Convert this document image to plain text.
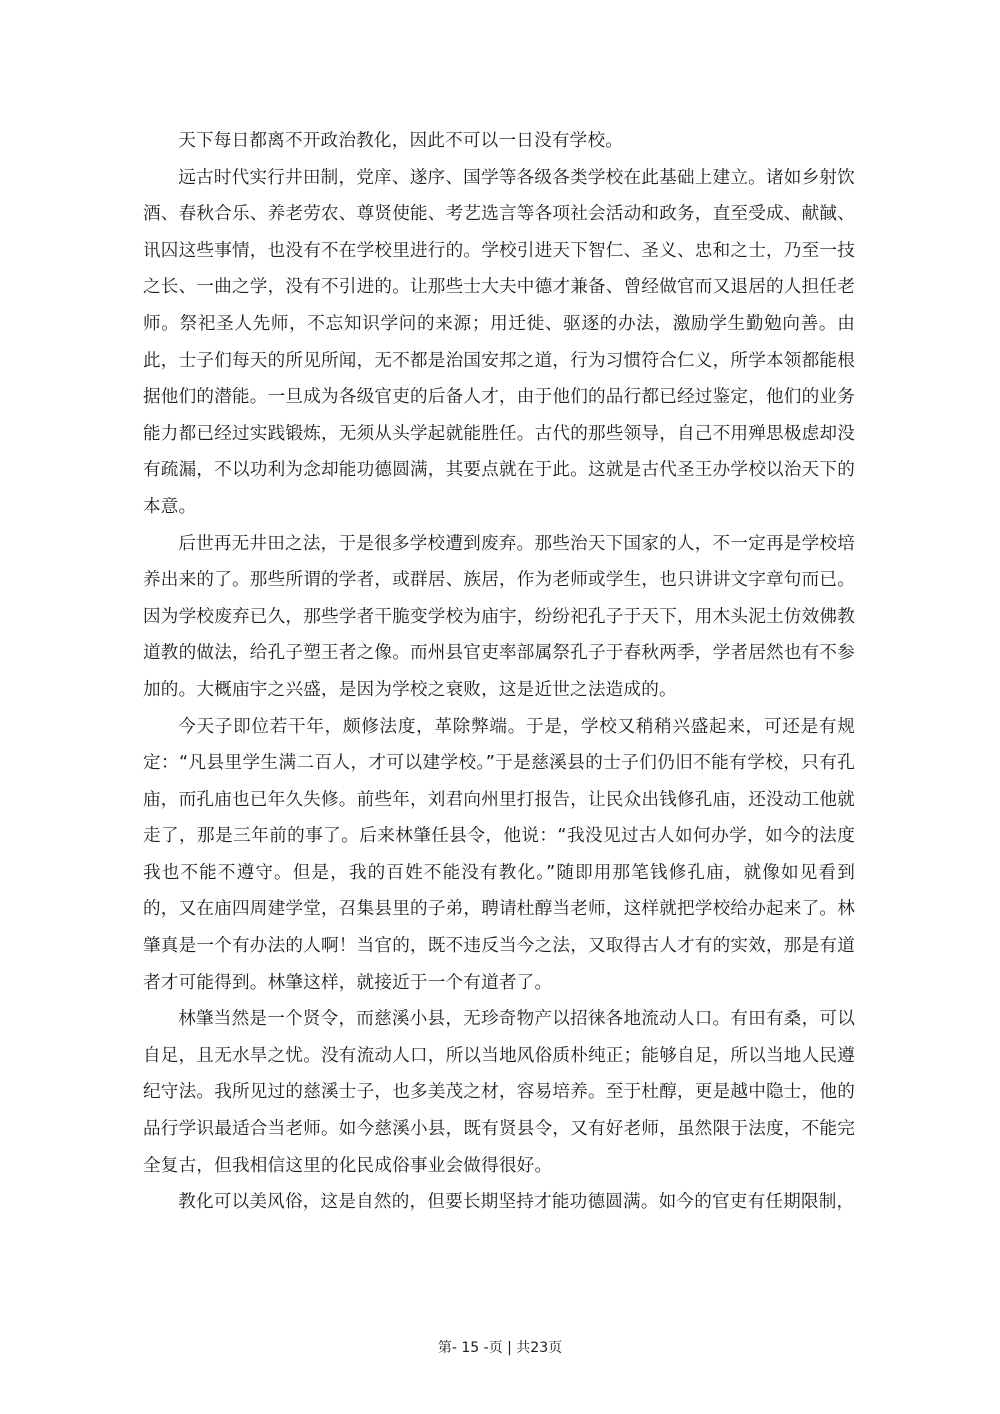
天下每日都离不开政治教化，因此不可以一日没有学校。

远古时代实行井田制，党庠、遂序、国学等各级各类学校在此基础上建立。诸如乡射饮酒、春秋合乐、养老劳农、尊贤使能、考艺选言等各项社会活动和政务，直至受成、献馘、讯囚这些事情，也没有不在学校里进行的。学校引进天下智仁、圣义、忠和之士，乃至一技之长、一曲之学，没有不引进的。让那些士大夫中德才兼备、曾经做官而又退居的人担任老师。祭祀圣人先师，不忘知识学问的来源；用迁徙、驱逐的办法，激励学生勤勉向善。由此，士子们每天的所见所闻，无不都是治国安邦之道，行为习惯符合仁义，所学本领都能根据他们的潜能。一旦成为各级官吏的后备人才，由于他们的品行都已经过鉴定，他们的业务能力都已经过实践锻炼，无须从头学起就能胜任。古代的那些领导，自己不用殚思极虑却没有疏漏，不以功利为念却能功德圆满，其要点就在于此。这就是古代圣王办学校以治天下的本意。

后世再无井田之法，于是很多学校遭到废弃。那些治天下国家的人，不一定再是学校培养出来的了。那些所谓的学者，或群居、族居，作为老师或学生，也只讲讲文字章句而已。因为学校废弃已久，那些学者干脆变学校为庙宇，纷纷祀孔子于天下，用木头泥土仿效佛教道教的做法，给孔子塑王者之像。而州县官吏率部属祭孔子于春秋两季，学者居然也有不参加的。大概庙宇之兴盛，是因为学校之衰败，这是近世之法造成的。

今天子即位若干年，颇修法度，革除弊端。于是，学校又稍稍兴盛起来，可还是有规定：“凡县里学生满二百人，才可以建学校。”于是慈溪县的士子们仍旧不能有学校，只有孔庙，而孔庙也已年久失修。前些年，刘君向州里打报告，让民众出钱修孔庙，还没动工他就走了，那是三年前的事了。后来林肇任县令，他说：“我没见过古人如何办学，如今的法度我也不能不遵守。但是，我的百姓不能没有教化。”随即用那笔钱修孔庙，就像如见看到的，又在庙四周建学堂，召集县里的子弟，聘请杜醇当老师，这样就把学校给办起来了。林肇真是一个有办法的人啊！当官的，既不违反当今之法，又取得古人才有的实效，那是有道者才可能得到。林肇这样，就接近于一个有道者了。

林肇当然是一个贤令，而慈溪小县，无珍奇物产以招徕各地流动人口。有田有桑，可以自足，且无水旱之忧。没有流动人口，所以当地风俗质朴纯正；能够自足，所以当地人民遵纪守法。我所见过的慈溪士子，也多美茂之材，容易培养。至于杜醇，更是越中隐士，他的品行学识最适合当老师。如今慈溪小县，既有贤县令，又有好老师，虽然限于法度，不能完全复古，但我相信这里的化民成俗事业会做得很好。

教化可以美风俗，这是自然的，但要长期坚持才能功德圆满。如今的官吏有任期限制，

第- 15 -页 | 共23页
